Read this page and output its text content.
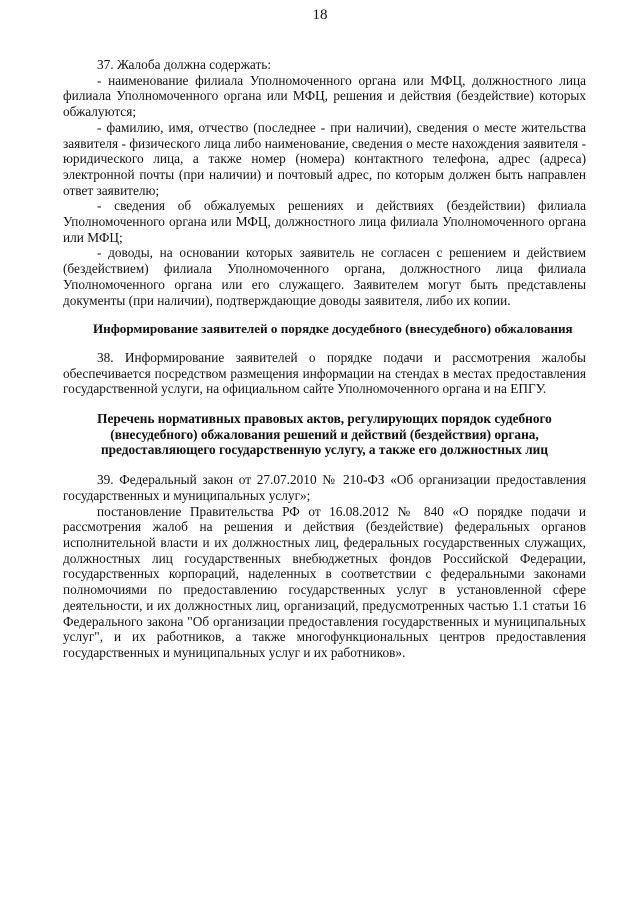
18

37. Жалоба должна содержать:

- наименование филиала Уполномоченного органа или МФЦ, должностного лица филиала Уполномоченного органа или МФЦ, решения и действия (бездействие) которых обжалуются;

- фамилию, имя, отчество (последнее - при наличии), сведения о месте жительства заявителя - физического лица либо наименование, сведения о месте нахождения заявителя - юридического лица, а также номер (номера) контактного телефона, адрес (адреса) электронной почты (при наличии) и почтовый адрес, по которым должен быть направлен ответ заявителю;

- сведения об обжалуемых решениях и действиях (бездействии) филиала Уполномоченного органа или МФЦ, должностного лица филиала Уполномоченного органа или МФЦ;

- доводы, на основании которых заявитель не согласен с решением и действием (бездействием) филиала Уполномоченного органа, должностного лица филиала Уполномоченного органа или его служащего. Заявителем могут быть представлены документы (при наличии), подтверждающие доводы заявителя, либо их копии.

Информирование заявителей о порядке досудебного (внесудебного) обжалования

38. Информирование заявителей о порядке подачи и рассмотрения жалобы обеспечивается посредством размещения информации на стендах в местах предоставления государственной услуги, на официальном сайте Уполномоченного органа и на ЕПГУ.

Перечень нормативных правовых актов, регулирующих порядок судебного
(внесудебного) обжалования решений и действий (бездействия) органа,
предоставляющего государственную услугу, а также его должностных лиц

39. Федеральный закон от 27.07.2010 № 210-ФЗ «Об организации предоставления государственных и муниципальных услуг»;

постановление Правительства РФ от 16.08.2012 № 840 «О порядке подачи и рассмотрения жалоб на решения и действия (бездействие) федеральных органов исполнительной власти и их должностных лиц, федеральных государственных служащих, должностных лиц государственных внебюджетных фондов Российской Федерации, государственных корпораций, наделенных в соответствии с федеральными законами полномочиями по предоставлению государственных услуг в установленной сфере деятельности, и их должностных лиц, организаций, предусмотренных частью 1.1 статьи 16 Федерального закона "Об организации предоставления государственных и муниципальных услуг", и их работников, а также многофункциональных центров предоставления государственных и муниципальных услуг и их работников».
